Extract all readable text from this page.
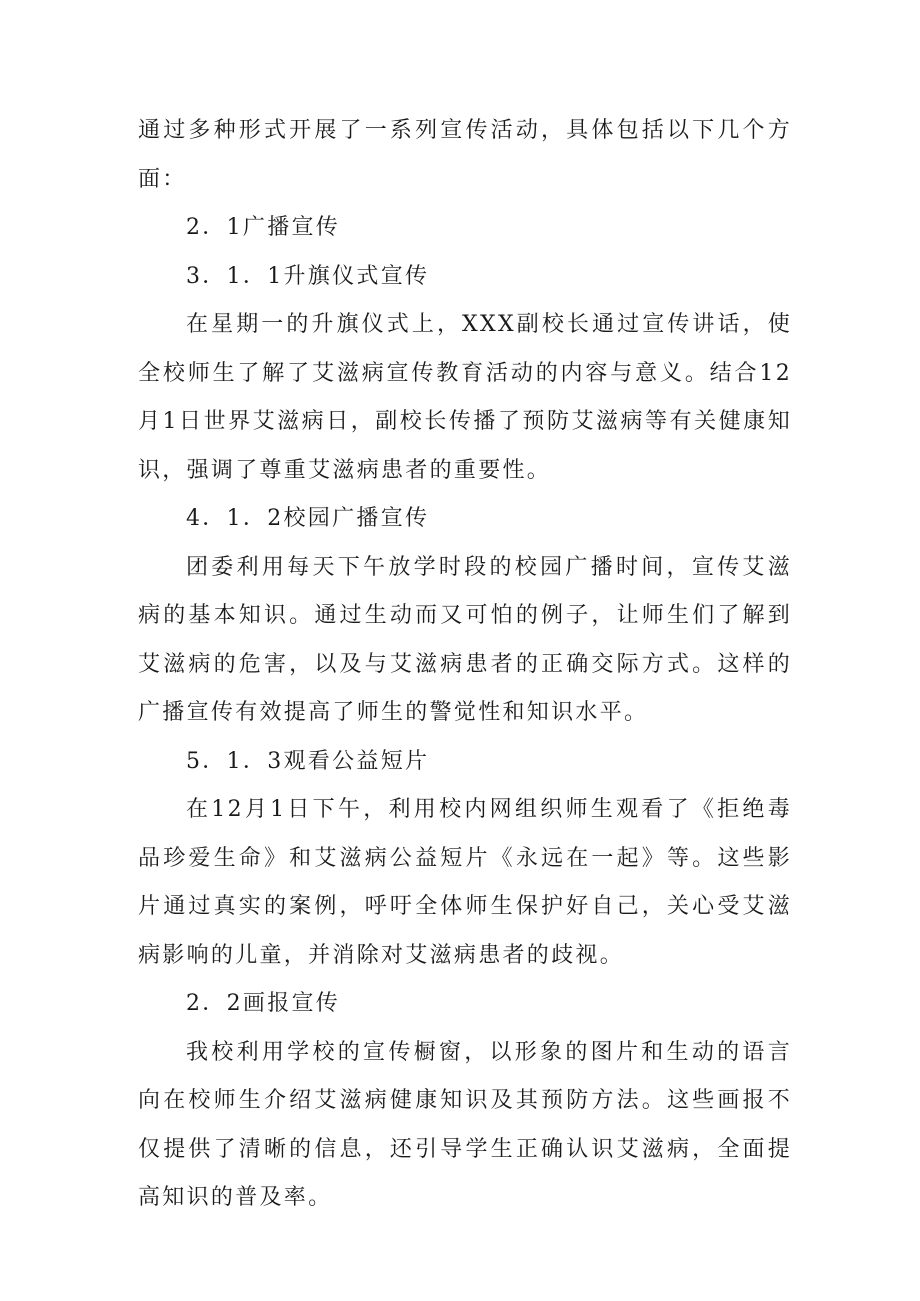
通过多种形式开展了一系列宣传活动，具体包括以下几个方面：

2．1广播宣传

3．1．1升旗仪式宣传

在星期一的升旗仪式上，XXX副校长通过宣传讲话，使全校师生了解了艾滋病宣传教育活动的内容与意义。结合12月1日世界艾滋病日，副校长传播了预防艾滋病等有关健康知识，强调了尊重艾滋病患者的重要性。

4．1．2校园广播宣传

团委利用每天下午放学时段的校园广播时间，宣传艾滋病的基本知识。通过生动而又可怕的例子，让师生们了解到艾滋病的危害，以及与艾滋病患者的正确交际方式。这样的广播宣传有效提高了师生的警觉性和知识水平。

5．1．3观看公益短片

在12月1日下午，利用校内网组织师生观看了《拒绝毒品珍爱生命》和艾滋病公益短片《永远在一起》等。这些影片通过真实的案例，呼吁全体师生保护好自己，关心受艾滋病影响的儿童，并消除对艾滋病患者的歧视。

2．2画报宣传

我校利用学校的宣传橱窗，以形象的图片和生动的语言向在校师生介绍艾滋病健康知识及其预防方法。这些画报不仅提供了清晰的信息，还引导学生正确认识艾滋病，全面提高知识的普及率。
